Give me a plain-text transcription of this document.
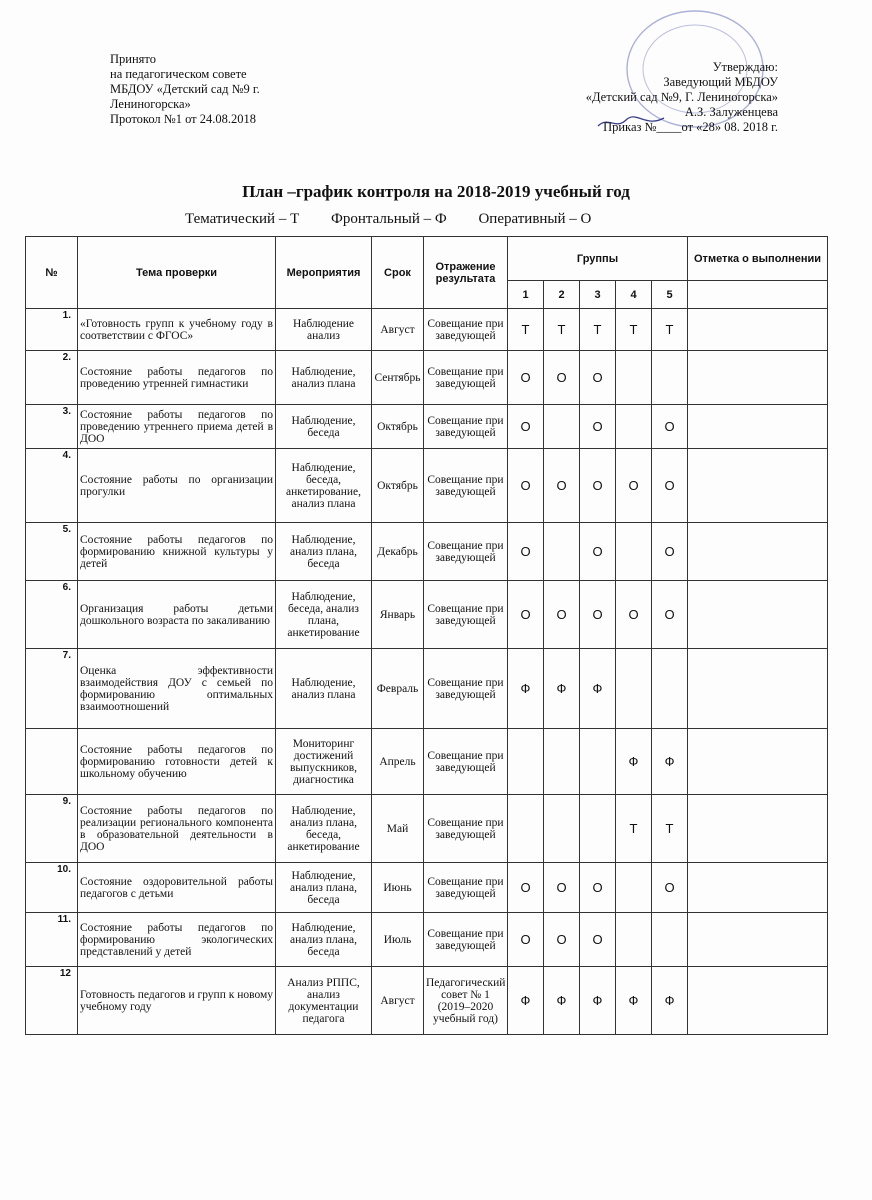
Принято
на педагогическом совете
МБДОУ «Детский сад №9 г.
Лениногорска»
Протокол №1 от 24.08.2018
Утверждаю:
Заведующий МБДОУ
«Детский сад №9, Г. Лениногорска»
А.З. Залуженцева
Приказ №____от «28» 08. 2018 г.
План –график контроля на 2018-2019 учебный год
Тематический – Т Фронтальный – Ф Оперативный – О
№	Тема проверки	Мероприятия	Срок	Отражение результата	Группы					Отметка о выполнении
					1	2	3	4	5	
1.	«Готовность групп к учебному году в соответствии с ФГОС»	Наблюдение анализ	Август	Совещание при заведующей	Т	Т	Т	Т	Т	
2.	Состояние работы педагогов по проведению утренней гимнастики	Наблюдение, анализ плана	Сентябрь	Совещание при заведующей	О	О	О			
3.	Состояние работы педагогов по проведению утреннего приема детей в ДОО	Наблюдение, беседа	Октябрь	Совещание при заведующей	О		О		О	
4.	Состояние работы по организации прогулки	Наблюдение, беседа, анкетирование, анализ плана	Октябрь	Совещание при заведующей	О	О	О	О	О	
5.	Состояние работы педагогов по формированию книжной культуры у детей	Наблюдение, анализ плана, беседа	Декабрь	Совещание при заведующей	О		О		О	
6.	Организация работы детьми дошкольного возраста по закаливанию	Наблюдение, беседа, анализ плана, анкетирование	Январь	Совещание при заведующей	О	О	О	О	О	
7.	Оценка эффективности взаимодействия ДОУ с семьей по формированию оптимальных взаимоотношений	Наблюдение, анализ плана	Февраль	Совещание при заведующей	Ф	Ф	Ф			
	Состояние работы педагогов по формированию готовности детей к школьному обучению	Мониторинг достижений выпускников, диагностика	Апрель	Совещание при заведующей				Ф	Ф	
9.	Состояние работы педагогов по реализации регионального компонента в образовательной деятельности в ДОО	Наблюдение, анализ плана, беседа, анкетирование	Май	Совещание при заведующей				Т	Т	
10.	Состояние оздоровительной работы педагогов с детьми	Наблюдение, анализ плана, беседа	Июнь	Совещание при заведующей	О	О	О		О	
11.	Состояние работы педагогов по формированию экологических представлений у детей	Наблюдение, анализ плана, беседа	Июль	Совещание при заведующей	О	О	О			
12	Готовность педагогов и групп к новому учебному году	Анализ РППС, анализ документации педагога	Август	Педагогический совет № 1 (2019–2020 учебный год)	Ф	Ф	Ф	Ф	Ф	
